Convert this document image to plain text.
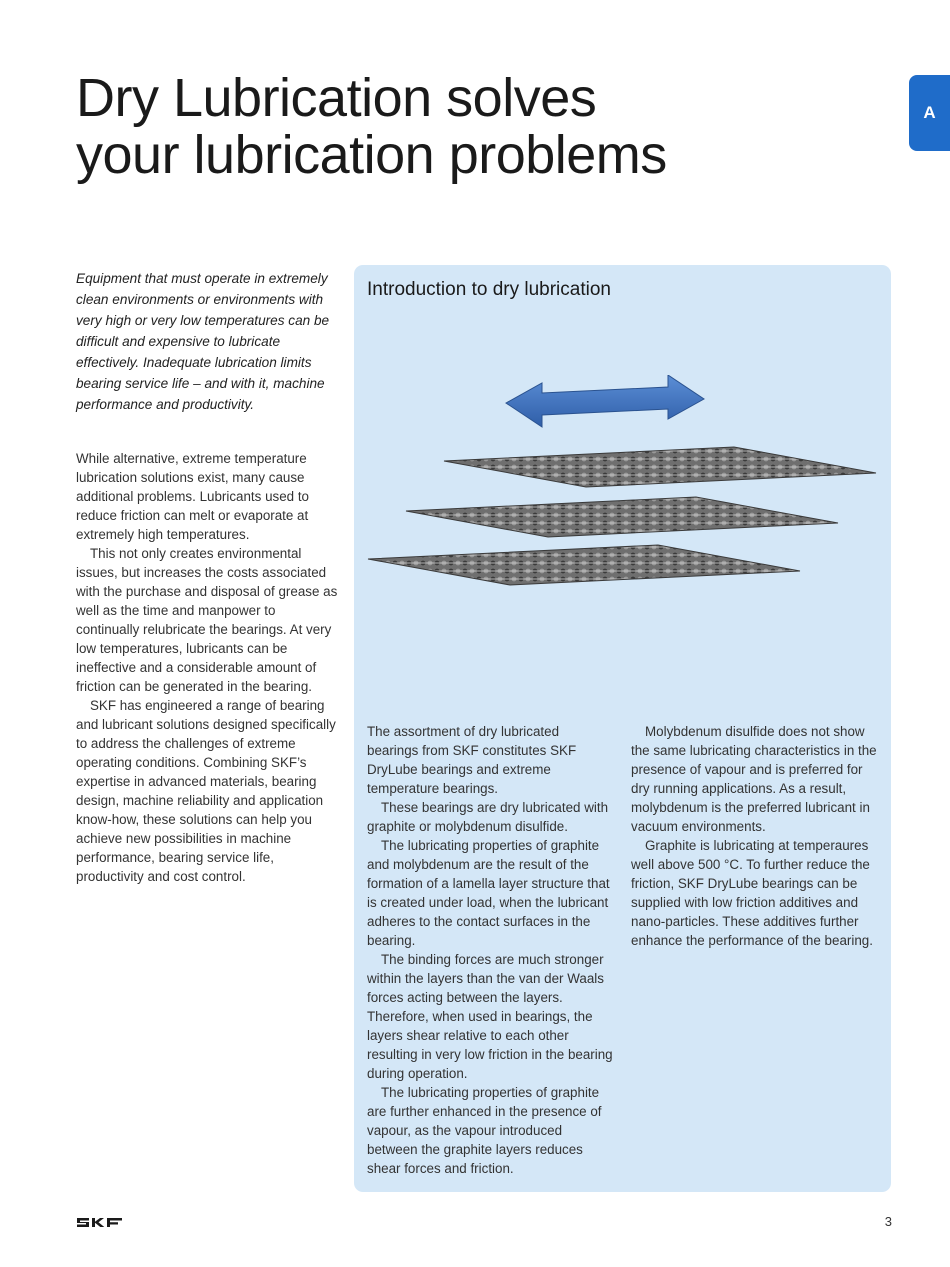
Dry Lubrication solves
your lubrication problems
A

Equipment that must operate in extremely clean environments or environments with very high or very low temperatures can be difficult and expensive to lubricate effectively. Inadequate lubrication limits bearing service life – and with it, machine performance and productivity.

While alternative, extreme temperature lubrication solutions exist, many cause additional problems. Lubricants used to reduce friction can melt or evaporate at extremely high temperatures.

This not only creates environmental issues, but increases the costs associated with the purchase and disposal of grease as well as the time and manpower to continually relubricate the bearings. At very low temperatures, lubricants can be ineffective and a considerable amount of friction can be generated in the bearing.

SKF has engineered a range of bearing and lubricant solutions designed specifically to address the challenges of extreme operating conditions. Combining SKF’s expertise in advanced materials, bearing design, machine reliability and application know-how, these solutions can help you achieve new possibilities in machine performance, bearing service life, productivity and cost control.

Introduction to dry lubrication

The assortment of dry lubricated bearings from SKF constitutes SKF DryLube bearings and extreme temperature bearings.

These bearings are dry lubricated with graphite or molybdenum disulfide.

The lubricating properties of graphite and molybdenum are the result of the formation of a lamella layer structure that is created under load, when the lubricant adheres to the contact surfaces in the bearing.

The binding forces are much stronger within the layers than the van der Waals forces acting between the layers. Therefore, when used in bearings, the layers shear relative to each other resulting in very low friction in the bearing during operation.

The lubricating properties of graphite are further enhanced in the presence of vapour, as the vapour introduced between the graphite layers reduces shear forces and friction.

Molybdenum disulfide does not show the same lubricating characteristics in the presence of vapour and is preferred for dry running applications. As a result, molybdenum is the preferred lubricant in vacuum environments.

Graphite is lubricating at temperaures well above 500 °C. To further reduce the friction, SKF DryLube bearings can be supplied with low friction additives and nano-particles. These additives further enhance the performance of the bearing.

3
